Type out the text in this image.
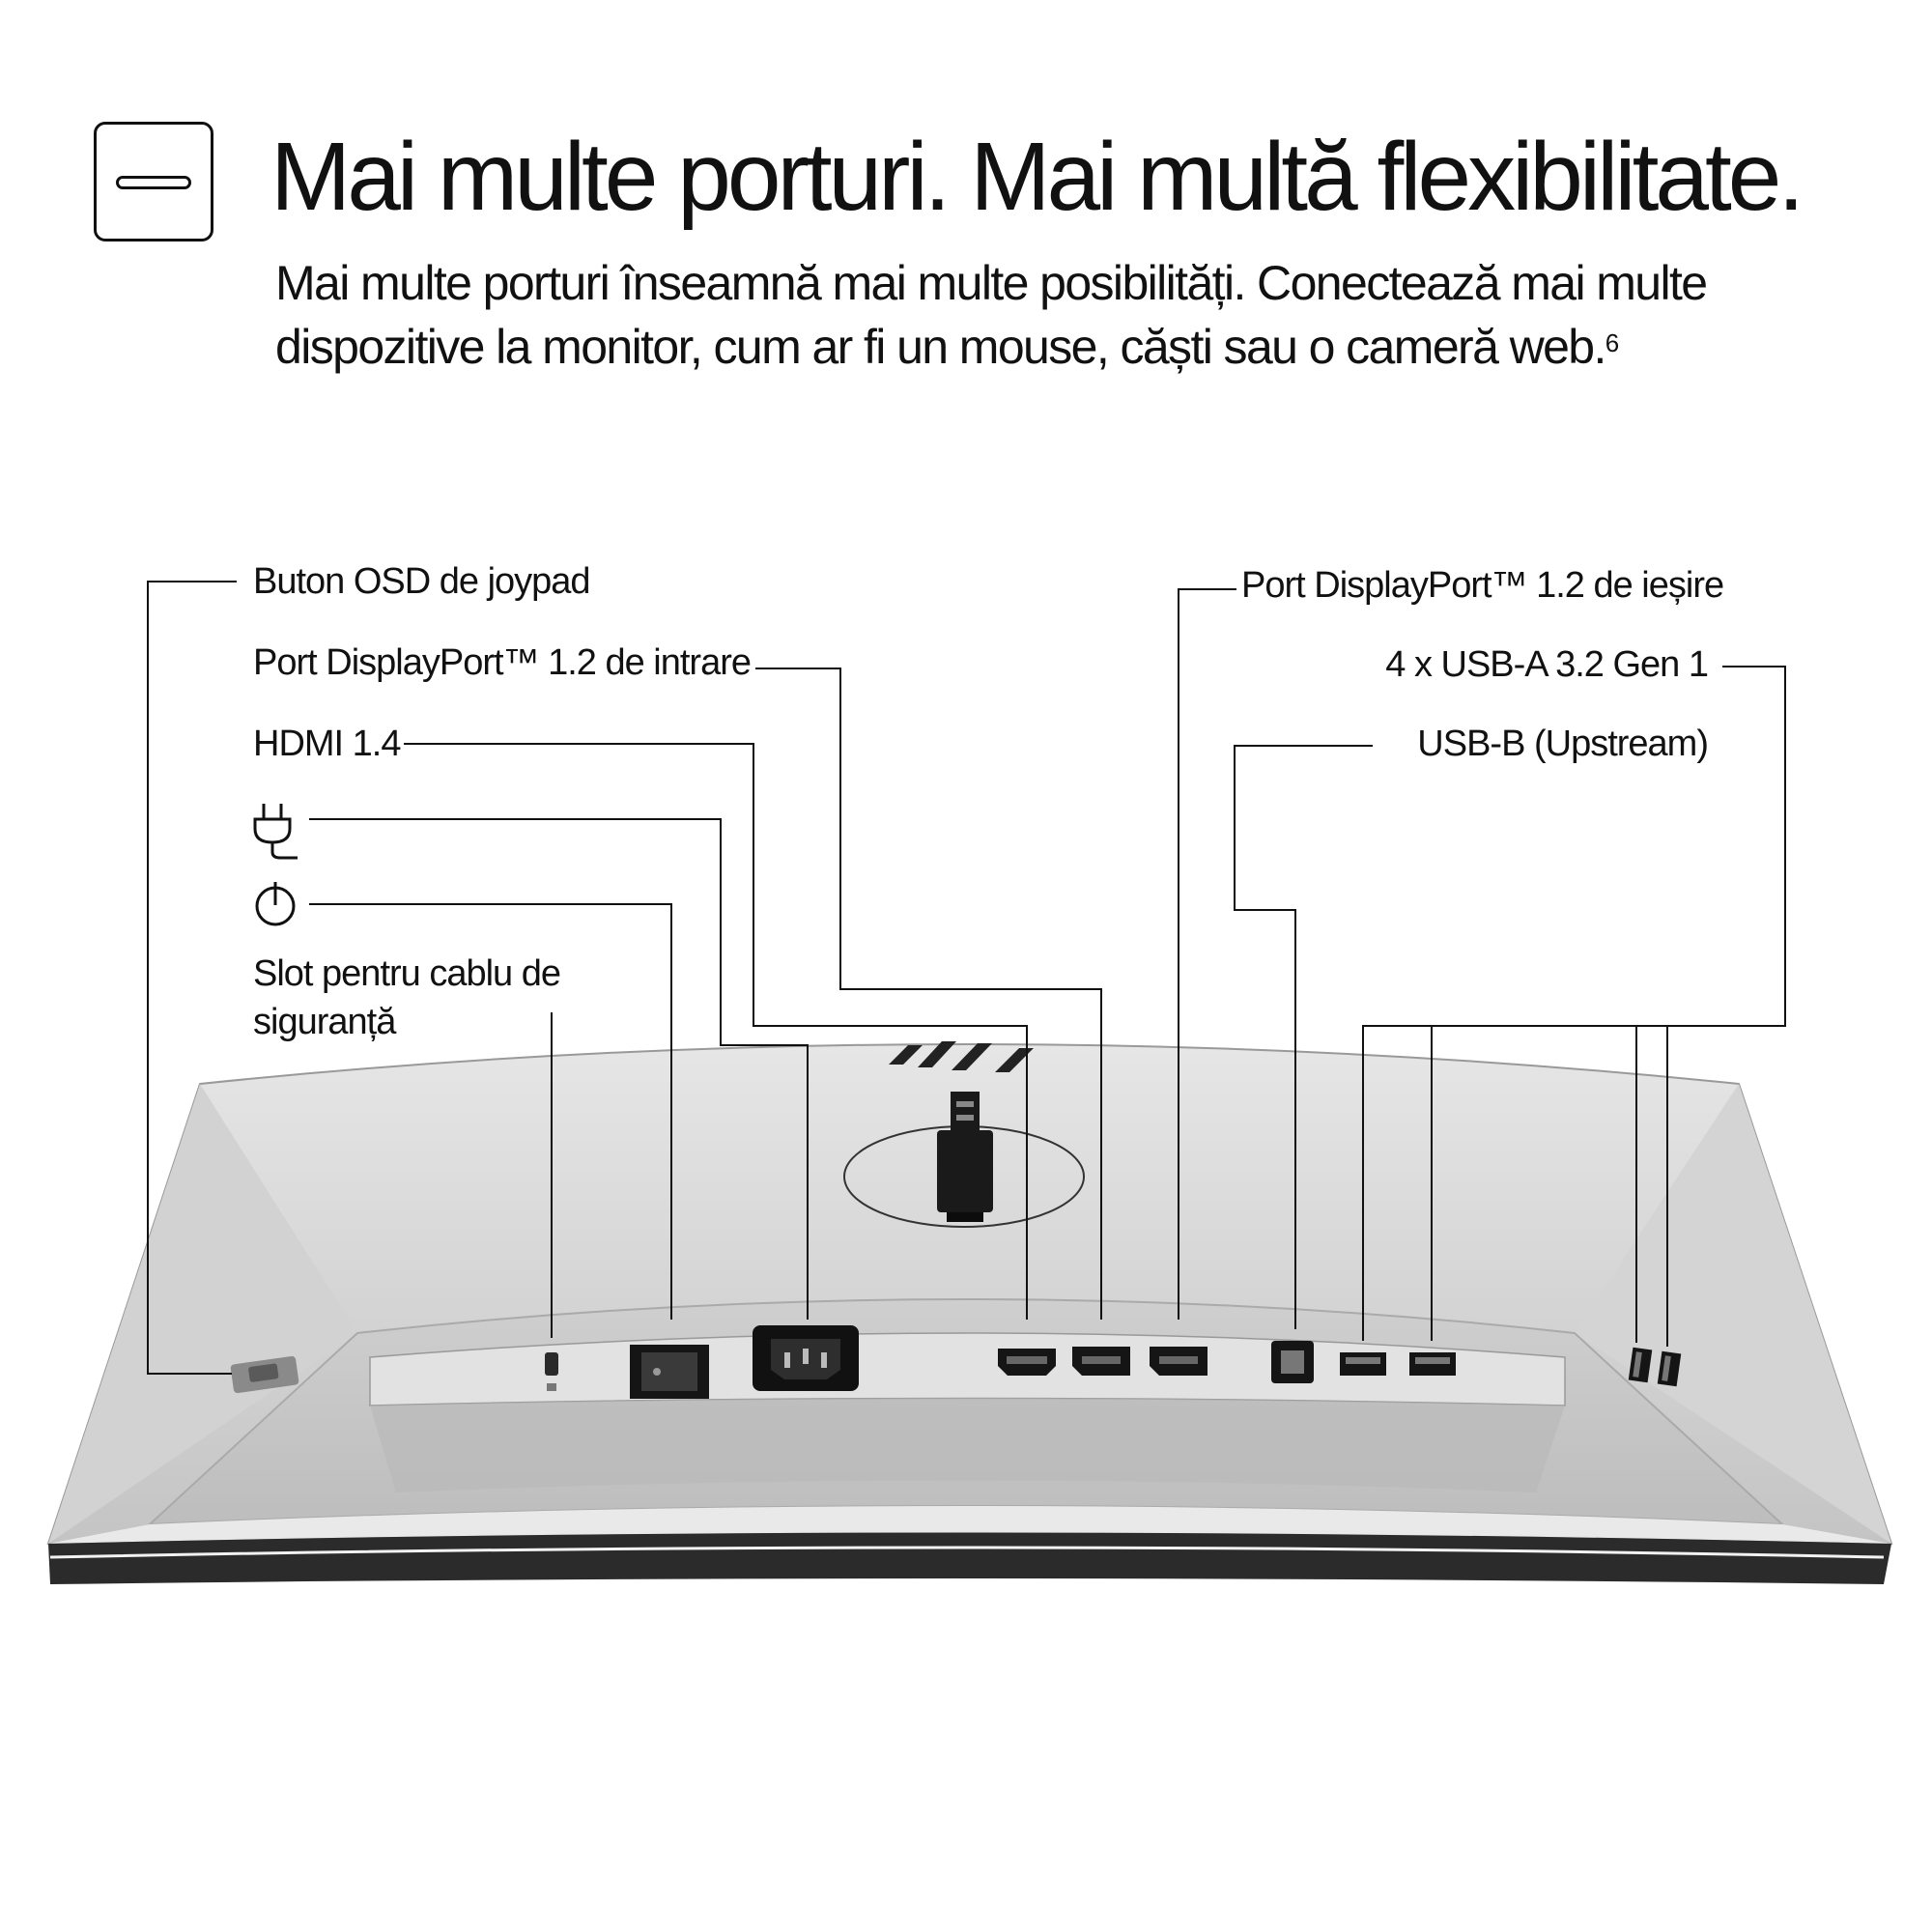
Mai multe porturi. Mai multă flexibilitate.

Mai multe porturi înseamnă mai multe posibilități. Conectează mai multe dispozitive la monitor, cum ar fi un mouse, căști sau o cameră web.$^6$

Buton OSD de joypad
Port DisplayPort™ 1.2 de intrare
HDMI 1.4
Slot pentru cablu de siguranță
Port DisplayPort™ 1.2 de ieșire
4 x USB-A 3.2 Gen 1
USB-B (Upstream)
